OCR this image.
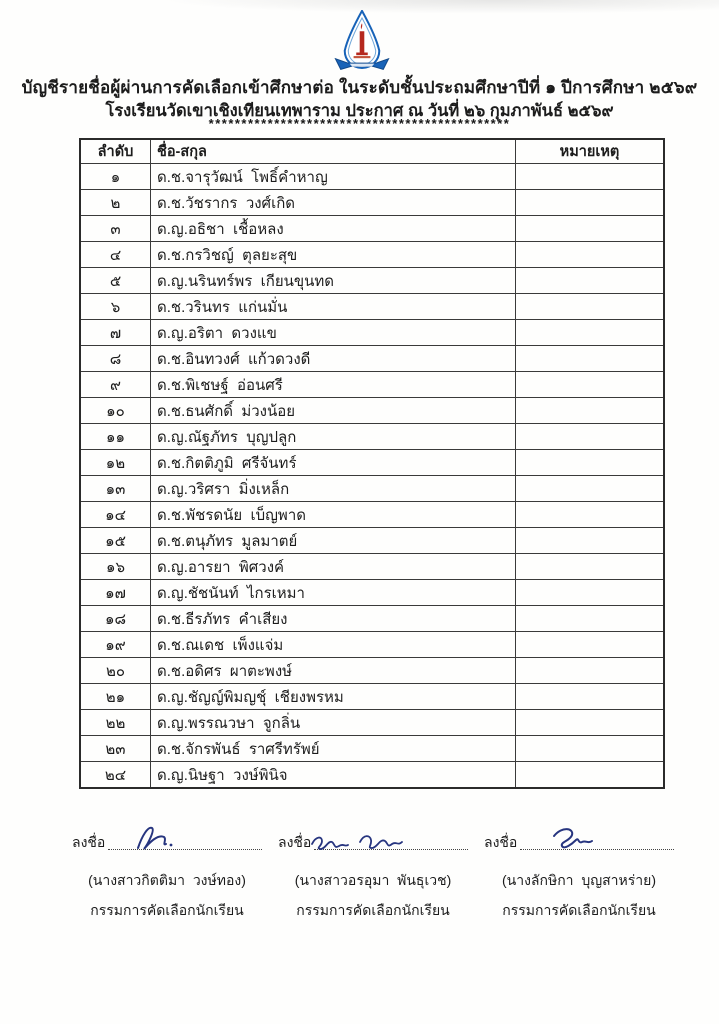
บัญชีรายชื่อผู้ผ่านการคัดเลือกเข้าศึกษาต่อ ในระดับชั้นประถมศึกษาปีที่ ๑ ปีการศึกษา ๒๕๖๙
โรงเรียนวัดเขาเชิงเทียนเทพาราม ประกาศ ณ วันที่ ๒๖ กุมภาพันธ์ ๒๕๖๙
**********************************************
ลำดับ	ชื่อ-สกุล	หมายเหตุ
๑	ด.ช.จารุวัฒน์  โพธิ์คำหาญ	
๒	ด.ช.วัชรากร  วงศ์เกิด	
๓	ด.ญ.อธิชา  เชื้อหลง	
๔	ด.ช.กรวิชญ์  ตุลยะสุข	
๕	ด.ญ.นรินทร์พร  เกียนขุนทด	
๖	ด.ช.วรินทร  แก่นมั่น	
๗	ด.ญ.อริตา  ดวงแข	
๘	ด.ช.อินทวงศ์  แก้วดวงดี	
๙	ด.ช.พิเชษฐ์  อ่อนศรี	
๑๐	ด.ช.ธนศักดิ์  ม่วงน้อย	
๑๑	ด.ญ.ณัฐภัทร  บุญปลูก	
๑๒	ด.ช.กิตติภูมิ  ศรีจันทร์	
๑๓	ด.ญ.วริศรา  มิ่งเหล็ก	
๑๔	ด.ช.พัชรดนัย  เบ็ญพาด	
๑๕	ด.ช.ตนุภัทร  มูลมาตย์	
๑๖	ด.ญ.อารยา  พิศวงค์	
๑๗	ด.ญ.ชัชนันท์  ไกรเหมา	
๑๘	ด.ช.ธีรภัทร  คำเสียง	
๑๙	ด.ช.ณเดช  เพ็งแจ่ม	
๒๐	ด.ช.อดิศร  ผาตะพงษ์	
๒๑	ด.ญ.ชัญญ์พิมญชุ์  เชียงพรหม	
๒๒	ด.ญ.พรรณวษา  จูกลิ่น	
๒๓	ด.ช.จักรพันธ์  ราศรีทรัพย์	
๒๔	ด.ญ.นิษฐา  วงษ์พินิจ	
ลงชื่อ
(นางสาวกิตติมา  วงษ์ทอง)
กรรมการคัดเลือกนักเรียน
ลงชื่อ
(นางสาวอรอุมา  พันธุเวช)
กรรมการคัดเลือกนักเรียน
ลงชื่อ
(นางลักษิกา  บุญสาหร่าย)
กรรมการคัดเลือกนักเรียน
